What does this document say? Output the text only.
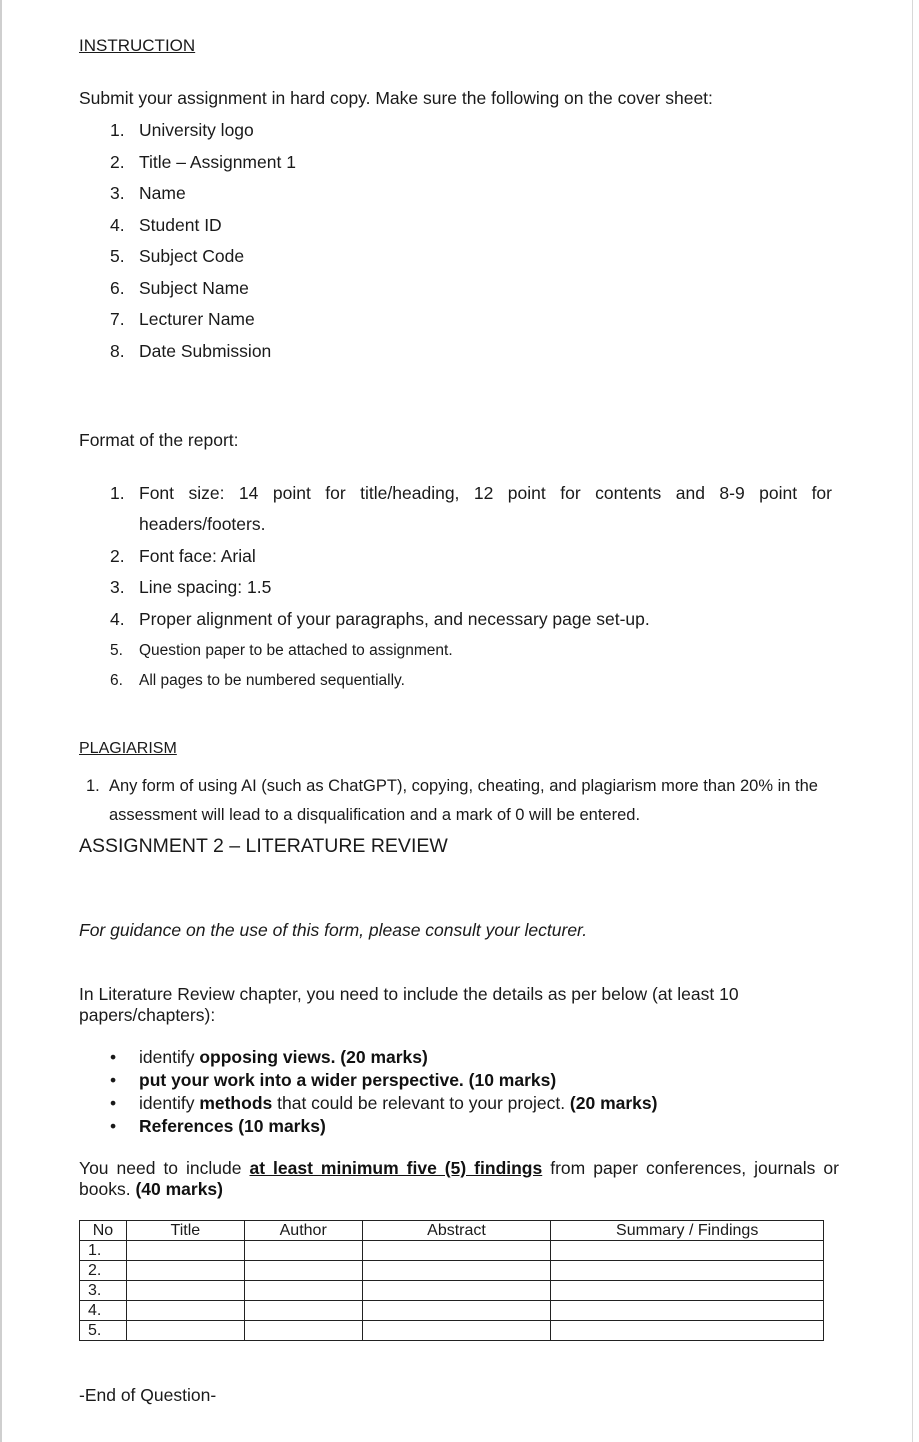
INSTRUCTION
Submit your assignment in hard copy. Make sure the following on the cover sheet:
1. University logo
2. Title – Assignment 1
3. Name
4. Student ID
5. Subject Code
6. Subject Name
7. Lecturer Name
8. Date Submission
Format of the report:
1. Font size: 14 point for title/heading, 12 point for contents and 8-9 point for
headers/footers.
2. Font face: Arial
3. Line spacing: 1.5
4. Proper alignment of your paragraphs, and necessary page set-up.
5. Question paper to be attached to assignment.
6. All pages to be numbered sequentially.
PLAGIARISM
1. Any form of using AI (such as ChatGPT), copying, cheating, and plagiarism more than 20% in the assessment will lead to a disqualification and a mark of 0 will be entered.
ASSIGNMENT 2 – LITERATURE REVIEW
For guidance on the use of this form, please consult your lecturer.
In Literature Review chapter, you need to include the details as per below (at least 10 papers/chapters):
• identify opposing views. (20 marks)
• put your work into a wider perspective. (10 marks)
• identify methods that could be relevant to your project. (20 marks)
• References (10 marks)
You need to include at least minimum five (5) findings from paper conferences, journals or books. (40 marks)
No	Title	Author	Abstract	Summary / Findings
1.				
2.				
3.				
4.				
5.				
-End of Question-
